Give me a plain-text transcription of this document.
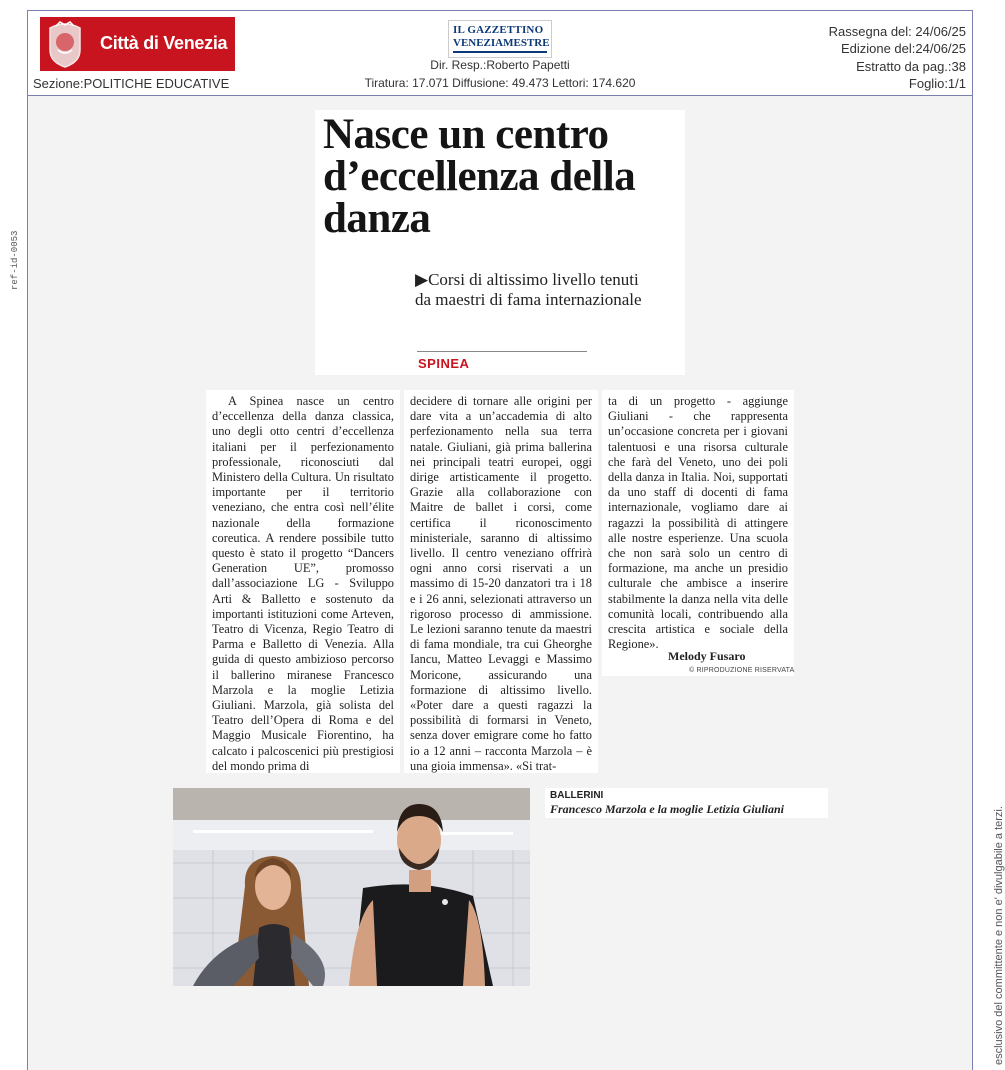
Città di Venezia
Sezione:POLITICHE EDUCATIVE
IL GAZZETTINO
VENEZIAMESTRE
Dir. Resp.:Roberto Papetti
Tiratura: 17.071 Diffusione: 49.473 Lettori: 174.620
Rassegna del: 24/06/25
Edizione del:24/06/25
Estratto da pag.:38
Foglio:1/1
ref-id-0053
esclusivo del committente e non e' divulgabile a terzi.
Nasce un centro d’eccellenza della danza
▶Corsi di altissimo livello tenuti da maestri di fama internazionale
SPINEA
A Spinea nasce un centro d’eccellenza della danza classica, uno degli otto centri d’eccellenza italiani per il perfezionamento professionale, riconosciuti dal Ministero della Cultura. Un risultato importante per il territorio veneziano, che entra così nell’élite nazionale della formazione coreutica. A rendere possibile tutto questo è stato il progetto “Dancers Generation UE”, promosso dall’associazione LG - Sviluppo Arti & Balletto e sostenuto da importanti istituzioni come Arteven, Teatro di Vicenza, Regio Teatro di Parma e Balletto di Venezia. Alla guida di questo ambizioso percorso il ballerino miranese Francesco Marzola e la moglie Letizia Giuliani. Marzola, già solista del Teatro dell’Opera di Roma e del Maggio Musicale Fiorentino, ha calcato i palcoscenici più prestigiosi del mondo prima di
decidere di tornare alle origini per dare vita a un’accademia di alto perfezionamento nella sua terra natale. Giuliani, già prima ballerina nei principali teatri europei, oggi dirige artisticamente il progetto. Grazie alla collaborazione con Maitre de ballet i corsi, come certifica il riconoscimento ministeriale, saranno di altissimo livello. Il centro veneziano offrirà ogni anno corsi riservati a un massimo di 15-20 danzatori tra i 18 e i 26 anni, selezionati attraverso un rigoroso processo di ammissione. Le lezioni saranno tenute da maestri di fama mondiale, tra cui Gheorghe Iancu, Matteo Levaggi e Massimo Moricone, assicurando una formazione di altissimo livello. «Poter dare a questi ragazzi la possibilità di formarsi in Veneto, senza dover emigrare come ho fatto io a 12 anni – racconta Marzola – è una gioia immensa». «Si trat-
ta di un progetto - aggiunge Giuliani - che rappresenta un’occasione concreta per i giovani talentuosi e una risorsa culturale che farà del Veneto, uno dei poli della danza in Italia. Noi, supportati da uno staff di docenti di fama internazionale, vogliamo dare ai ragazzi la possibilità di attingere alle nostre esperienze. Una scuola che non sarà solo un centro di formazione, ma anche un presidio culturale che ambisce a inserire stabilmente la danza nella vita delle comunità locali, contribuendo alla crescita artistica e sociale della Regione».
Melody Fusaro
© RIPRODUZIONE RISERVATA
BALLERINI
Francesco Marzola e la moglie Letizia Giuliani
